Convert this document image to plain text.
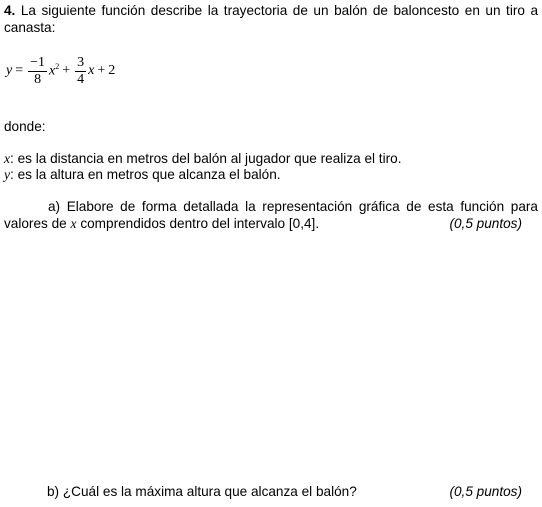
4. La siguiente función describe la trayectoria de un balón de baloncesto en un tiro a canasta:
$y = \frac{-1}{8} x^2 + \frac{3}{4}$ x + 2
donde:
x: es la distancia en metros del balón al jugador que realiza el tiro.
y: es la altura en metros que alcanza el balón.
a) Elabore de forma detallada la representación gráfica de esta función para
valores de x comprendidos dentro del intervalo [0,4].	(0,5 puntos)
b) ¿Cuál es la máxima altura que alcanza el balón?	(0,5 puntos)
